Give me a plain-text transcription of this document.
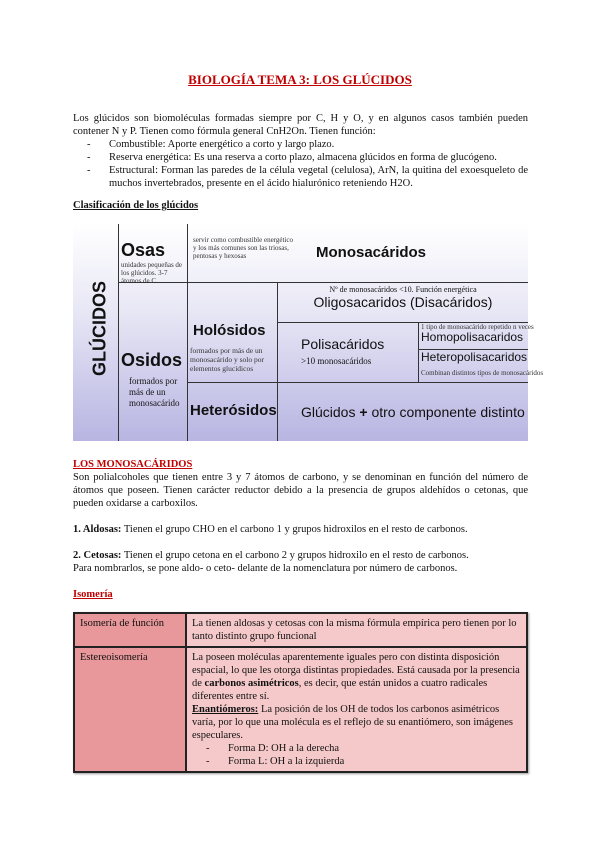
BIOLOGÍA TEMA 3: LOS GLÚCIDOS
Los glúcidos son biomoléculas formadas siempre por C, H y O, y en algunos casos también pueden contener N y P. Tienen como fórmula general CnH2On. Tienen función:
- Combustible: Aporte energético a corto y largo plazo.
- Reserva energética: Es una reserva a corto plazo, almacena glúcidos en forma de glucógeno.
- Estructural: Forman las paredes de la célula vegetal (celulosa), ArN, la quitina del exoesqueleto de muchos invertebrados, presente en el ácido hialurónico reteniendo H2O.
Clasificación de los glúcidos
GLÚCIDOS
Osas
unidades pequeñas de los glúcidos. 3-7 átomos de C
servir como combustible energético y los más comunes son las triosas, pentosas y hexosas	Monosacáridos
Osidos
formados por más de un monosacárido
Holósidos
formados por más de un monosacárido y solo por elementos glucídicos
Nº de monosacáridos <10. Función energética
Oligosacaridos (Disacáridos)
Polisacáridos
>10 monosacáridos
1 tipo de monosacárido repetido n veces
Homopolisacaridos
Heteropolisacaridos
Combinan distintos tipos de monosacáridos
Heterósidos Glúcidos + otro componente distinto
LOS MONOSACÁRIDOS
Son polialcoholes que tienen entre 3 y 7 átomos de carbono, y se denominan en función del número de átomos que poseen. Tienen carácter reductor debido a la presencia de grupos aldehídos o cetonas, que pueden oxidarse a carboxilos.
1. Aldosas: Tienen el grupo CHO en el carbono 1 y grupos hidroxilos en el resto de carbonos.
2. Cetosas: Tienen el grupo cetona en el carbono 2 y grupos hidroxilo en el resto de carbonos.
Para nombrarlos, se pone aldo- o ceto- delante de la nomenclatura por número de carbonos.
Isomería
Isomería de función	La tienen aldosas y cetosas con la misma fórmula empírica pero tienen por lo tanto distinto grupo funcional
Estereoisomería	La poseen moléculas aparentemente iguales pero con distinta disposición espacial, lo que les otorga distintas propiedades. Está causada por la presencia de carbonos asimétricos, es decir, que están unidos a cuatro radicales diferentes entre sí.
Enantiómeros: La posición de los OH de todos los carbonos asimétricos varía, por lo que una molécula es el reflejo de su enantiómero, son imágenes especulares.
- Forma D: OH a la derecha
- Forma L: OH a la izquierda
